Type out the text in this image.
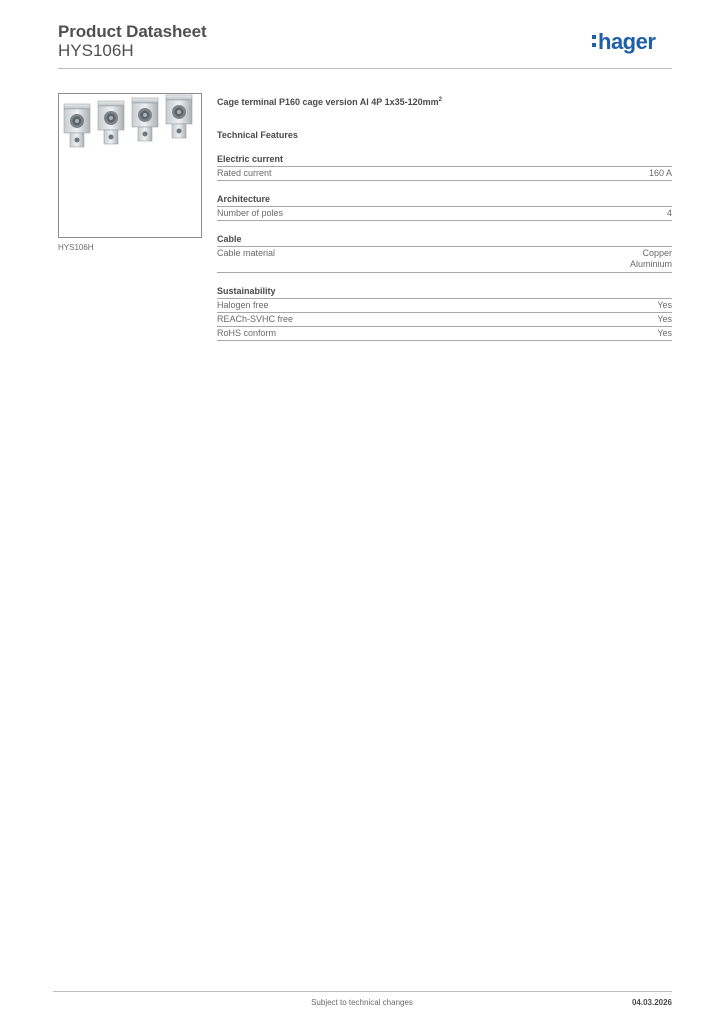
Product Datasheet
HYS106H	hager
HYS106H
Cage terminal P160 cage version Al 4P $1x35-120mm^2$
Technical Features
Electric current
Rated current	160 A
Architecture
Number of poles	4
Cable
Cable material	Copper
Aluminium
Sustainability
Halogen free	Yes
REACh-SVHC free	Yes
RoHS conform	Yes
Subject to technical changes	04.03.2026
